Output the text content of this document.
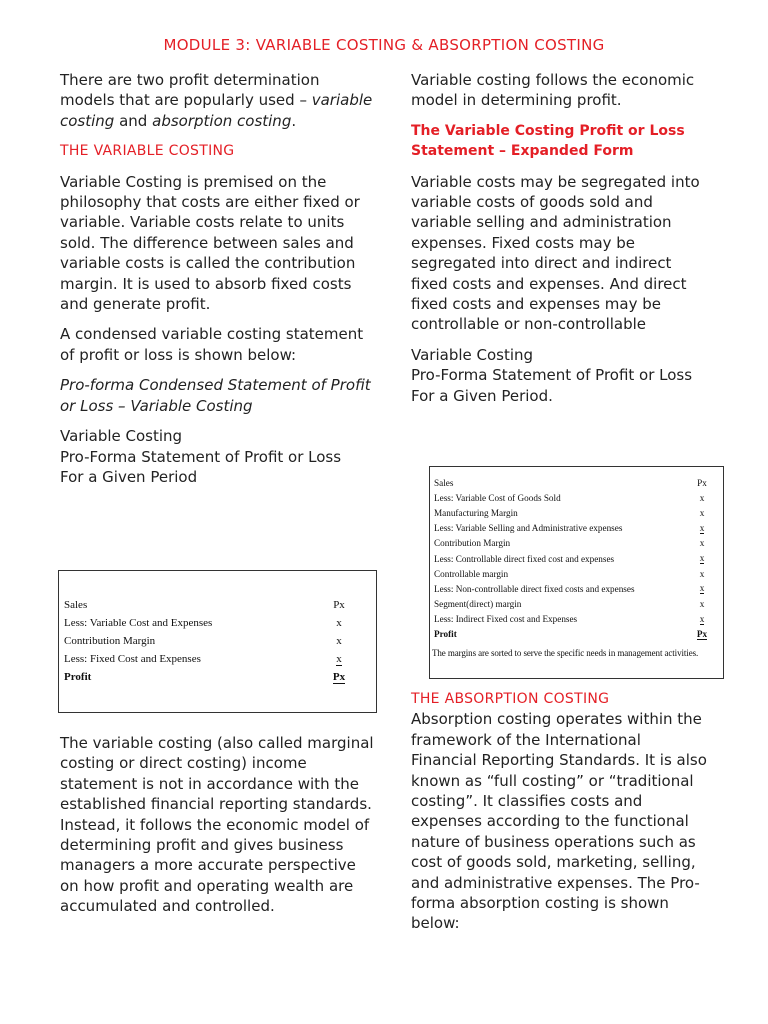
MODULE 3: VARIABLE COSTING & ABSORPTION COSTING

There are two profit determination models that are popularly used – variable costing and absorption costing.

THE VARIABLE COSTING

Variable Costing is premised on the philosophy that costs are either fixed or variable. Variable costs relate to units sold. The difference between sales and variable costs is called the contribution margin. It is used to absorb fixed costs and generate profit.

A condensed variable costing statement of profit or loss is shown below:

Pro-forma Condensed Statement of Profit or Loss – Variable Costing

Variable Costing
Pro-Forma Statement of Profit or Loss
For a Given Period

Sales	Px
Less: Variable Cost and Expenses	x
Contribution Margin	x
Less: Fixed Cost and Expenses	x
Profit	Px

The variable costing (also called marginal costing or direct costing) income statement is not in accordance with the established financial reporting standards. Instead, it follows the economic model of determining profit and gives business managers a more accurate perspective on how profit and operating wealth are accumulated and controlled.

Variable costing follows the economic model in determining profit.

The Variable Costing Profit or Loss Statement – Expanded Form

Variable costs may be segregated into variable costs of goods sold and variable selling and administration expenses. Fixed costs may be segregated into direct and indirect fixed costs and expenses. And direct fixed costs and expenses may be controllable or non-controllable

Variable Costing
Pro-Forma Statement of Profit or Loss
For a Given Period.

Sales	Px
Less: Variable Cost of Goods Sold	x
Manufacturing Margin	x
Less: Variable Selling and Administrative expenses	x
Contribution Margin	x
Less: Controllable direct fixed cost and expenses	x
Controllable margin	x
Less: Non-controllable direct fixed costs and expenses	x
Segment(direct) margin	x
Less: Indirect Fixed cost and Expenses	x
Profit	Px
The margins are sorted to serve the specific needs in management activities.
THE ABSORPTION COSTING

Absorption costing operates within the framework of the International Financial Reporting Standards. It is also known as “full costing” or “traditional costing”. It classifies costs and expenses according to the functional nature of business operations such as cost of goods sold, marketing, selling, and administrative expenses. The Pro-forma absorption costing is shown below:
